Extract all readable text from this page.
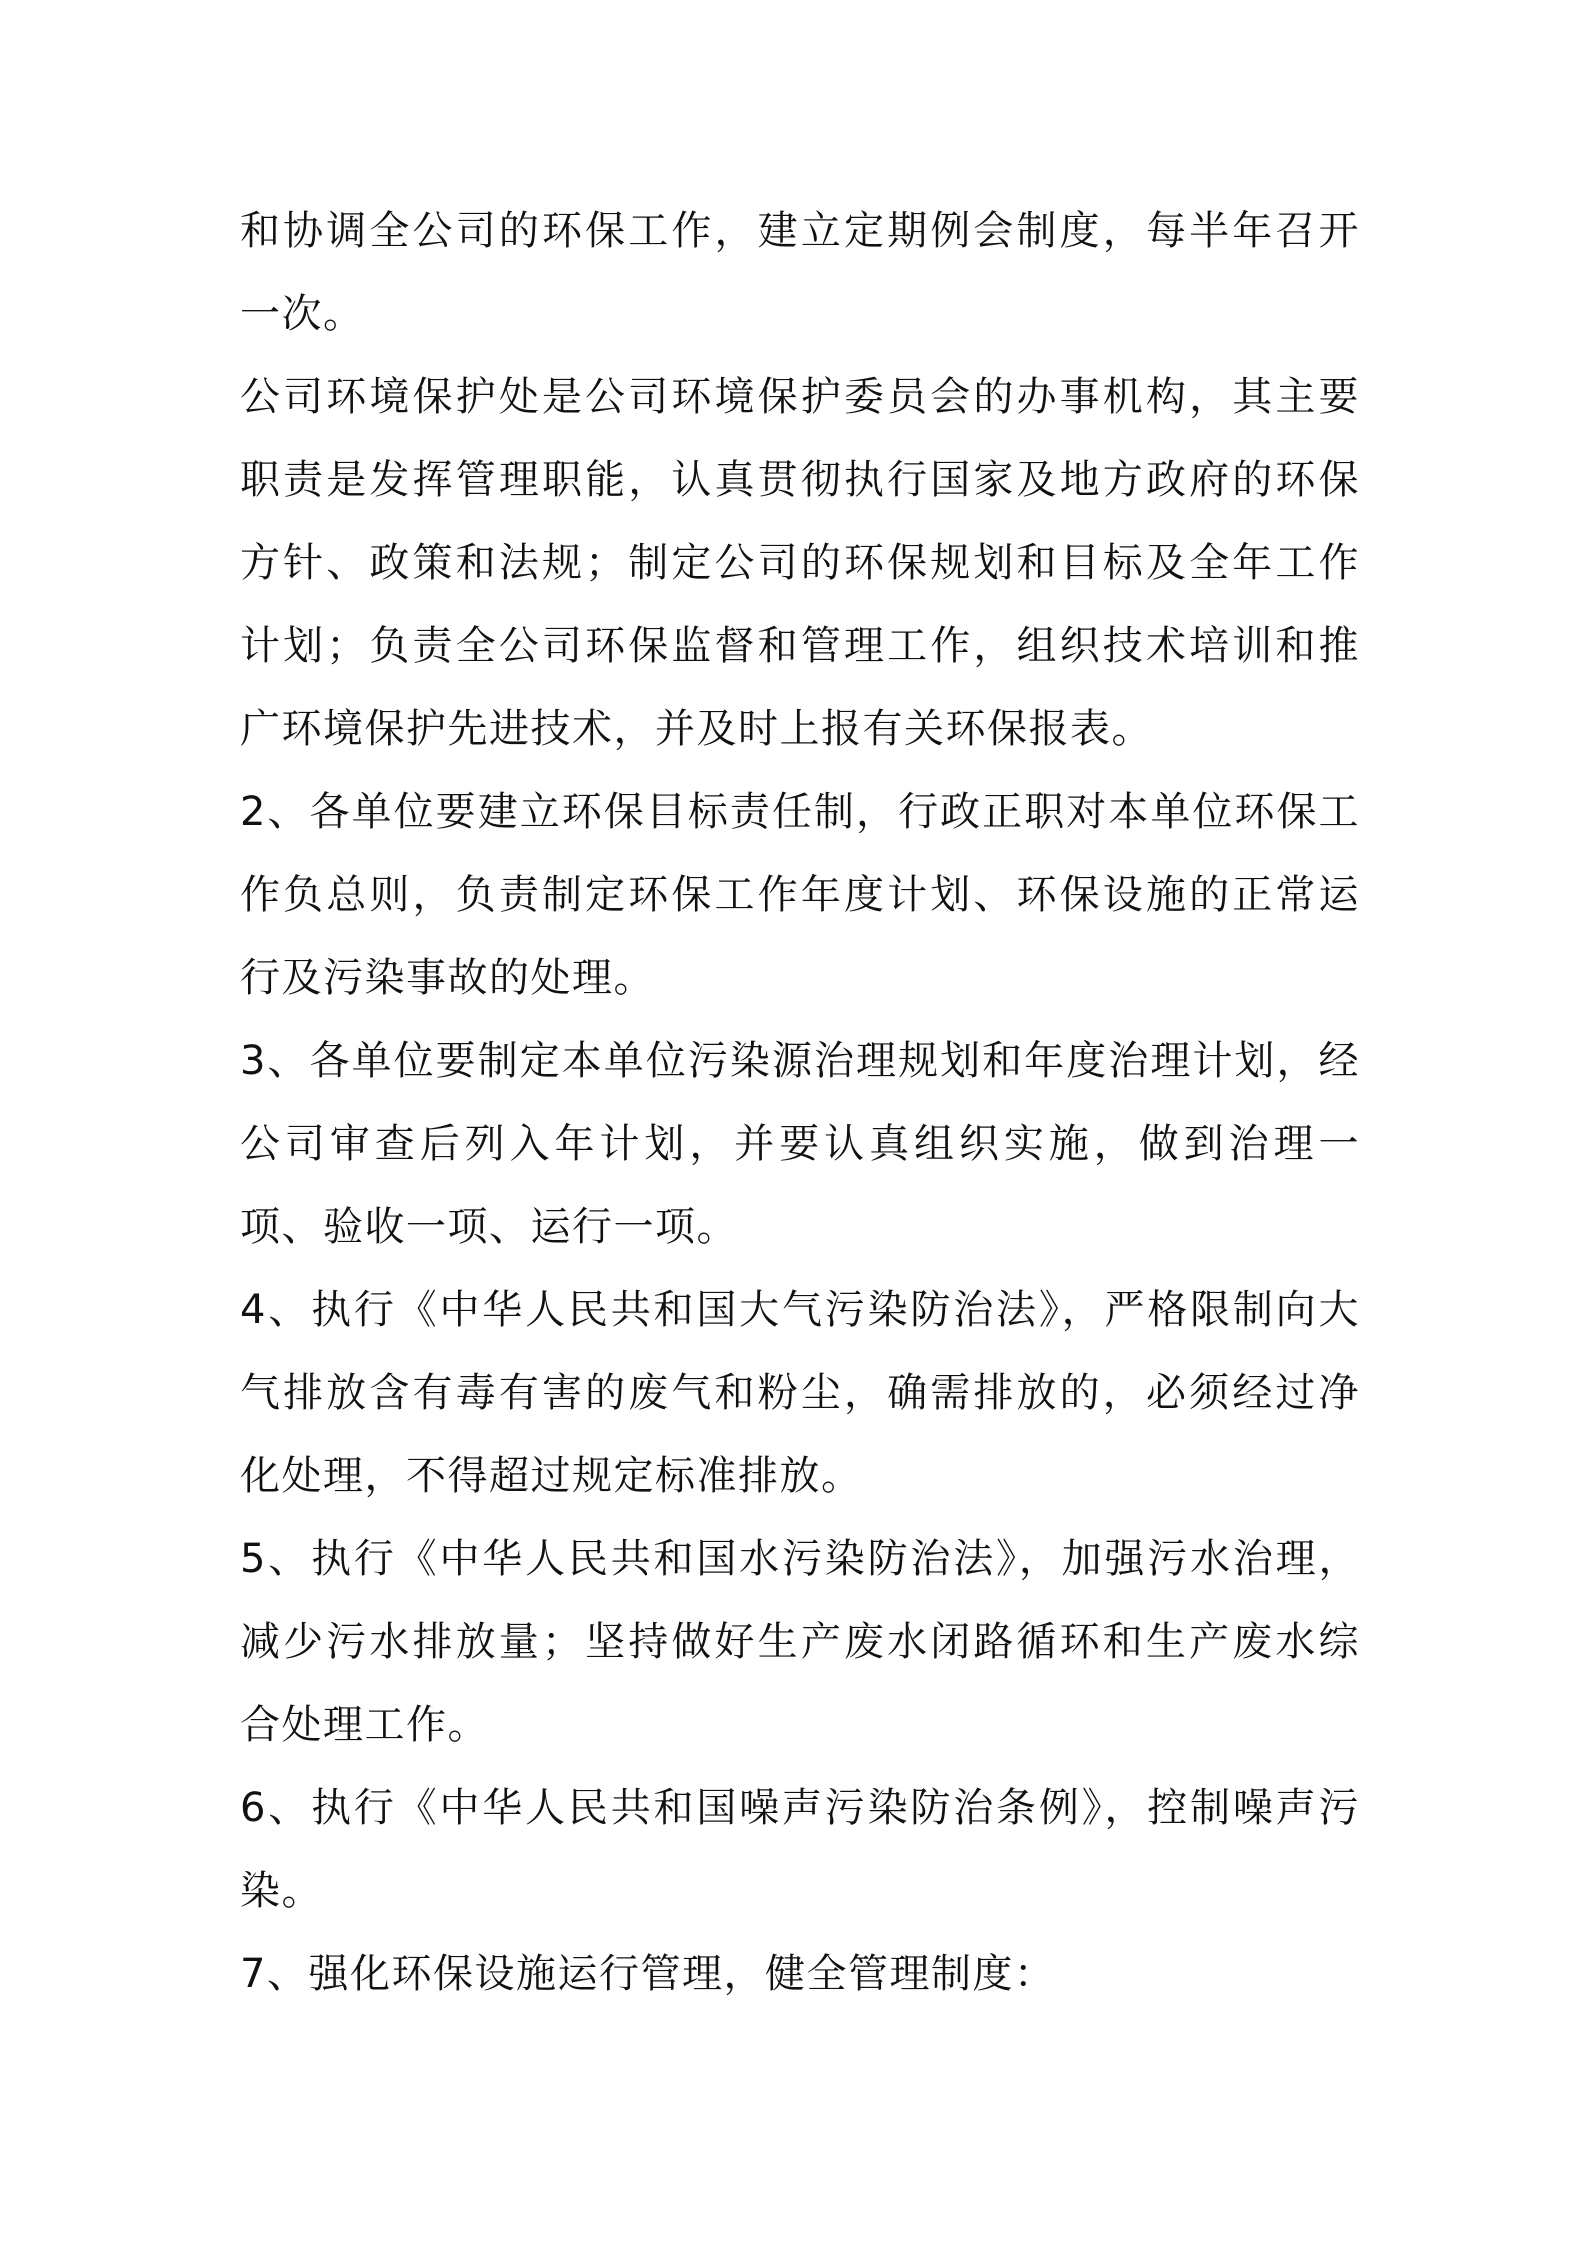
和协调全公司的环保工作，建立定期例会制度，每半年召开一次。

公司环境保护处是公司环境保护委员会的办事机构，其主要职责是发挥管理职能，认真贯彻执行国家及地方政府的环保方针、政策和法规；制定公司的环保规划和目标及全年工作计划；负责全公司环保监督和管理工作，组织技术培训和推广环境保护先进技术，并及时上报有关环保报表。

2、各单位要建立环保目标责任制，行政正职对本单位环保工作负总则，负责制定环保工作年度计划、环保设施的正常运行及污染事故的处理。

3、各单位要制定本单位污染源治理规划和年度治理计划，经公司审查后列入年计划，并要认真组织实施，做到治理一项、验收一项、运行一项。

4、执行《中华人民共和国大气污染防治法》，严格限制向大气排放含有毒有害的废气和粉尘，确需排放的，必须经过净化处理，不得超过规定标准排放。

5、执行《中华人民共和国水污染防治法》，加强污水治理，减少污水排放量；坚持做好生产废水闭路循环和生产废水综合处理工作。

6、执行《中华人民共和国噪声污染防治条例》，控制噪声污染。

7、强化环保设施运行管理，健全管理制度：
